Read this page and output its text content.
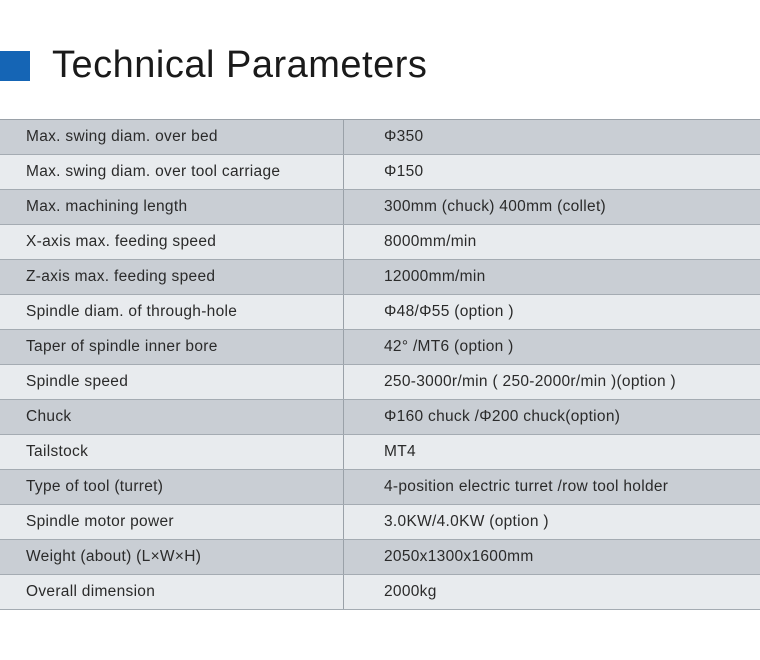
Technical Parameters
Max. swing diam. over bed	Φ350
Max. swing diam. over tool carriage	Φ150
Max. machining length	300mm (chuck) 400mm (collet)
X-axis max. feeding speed	8000mm/min
Z-axis max. feeding speed	12000mm/min
Spindle diam. of through-hole	Φ48/Φ55 (option )
Taper of spindle inner bore	42° /MT6 (option )
Spindle speed	250-3000r/min ( 250-2000r/min )(option )
Chuck	Φ160 chuck /Φ200 chuck(option)
Tailstock	MT4
Type of tool (turret)	4-position electric turret /row tool holder
Spindle motor power	3.0KW/4.0KW (option )
Weight (about) (L×W×H)	2050x1300x1600mm
Overall dimension	2000kg
